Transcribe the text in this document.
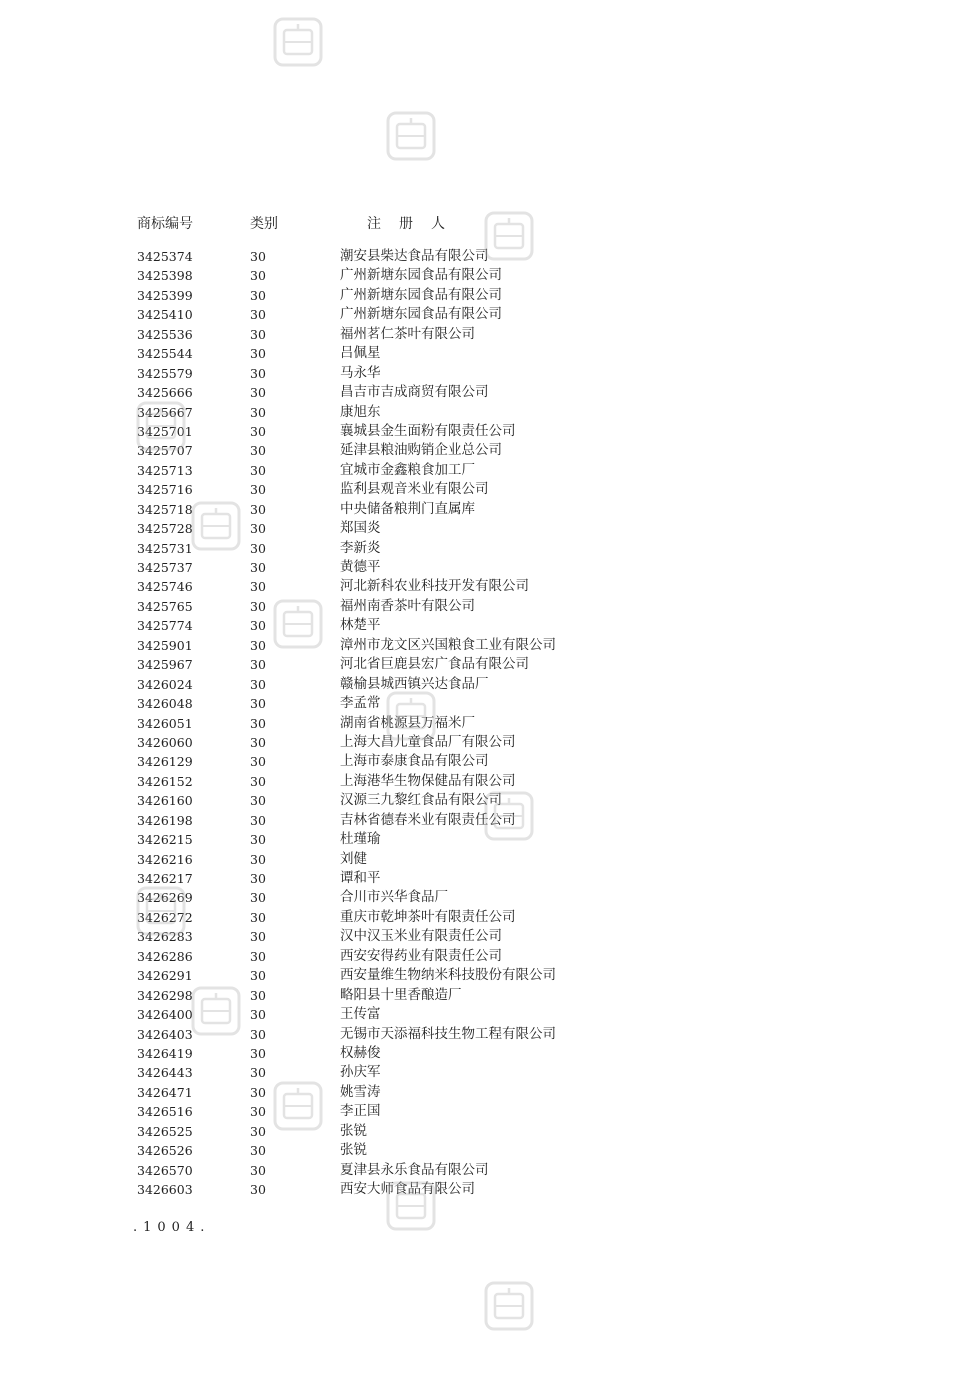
商标编号	类别	注册人
3425374	30	潮安县柴达食品有限公司
3425398	30	广州新塘东园食品有限公司
3425399	30	广州新塘东园食品有限公司
3425410	30	广州新塘东园食品有限公司
3425536	30	福州茗仁茶叶有限公司
3425544	30	吕佩星
3425579	30	马永华
3425666	30	昌吉市吉成商贸有限公司
3425667	30	康旭东
3425701	30	襄城县金生面粉有限责任公司
3425707	30	延津县粮油购销企业总公司
3425713	30	宜城市金鑫粮食加工厂
3425716	30	监利县观音米业有限公司
3425718	30	中央储备粮荆门直属库
3425728	30	郑国炎
3425731	30	李新炎
3425737	30	黄德平
3425746	30	河北新科农业科技开发有限公司
3425765	30	福州南香茶叶有限公司
3425774	30	林楚平
3425901	30	漳州市龙文区兴国粮食工业有限公司
3425967	30	河北省巨鹿县宏广食品有限公司
3426024	30	赣榆县城西镇兴达食品厂
3426048	30	李孟常
3426051	30	湖南省桃源县万福米厂
3426060	30	上海大昌儿童食品厂有限公司
3426129	30	上海市泰康食品有限公司
3426152	30	上海港华生物保健品有限公司
3426160	30	汉源三九黎红食品有限公司
3426198	30	吉林省德春米业有限责任公司
3426215	30	杜瑾瑜
3426216	30	刘健
3426217	30	谭和平
3426269	30	合川市兴华食品厂
3426272	30	重庆市乾坤茶叶有限责任公司
3426283	30	汉中汉玉米业有限责任公司
3426286	30	西安安得药业有限责任公司
3426291	30	西安量维生物纳米科技股份有限公司
3426298	30	略阳县十里香酿造厂
3426400	30	王传富
3426403	30	无锡市天添福科技生物工程有限公司
3426419	30	权赫俊
3426443	30	孙庆军
3426471	30	姚雪涛
3426516	30	李正国
3426525	30	张锐
3426526	30	张锐
3426570	30	夏津县永乐食品有限公司
3426603	30	西安大师食品有限公司
.1004.
